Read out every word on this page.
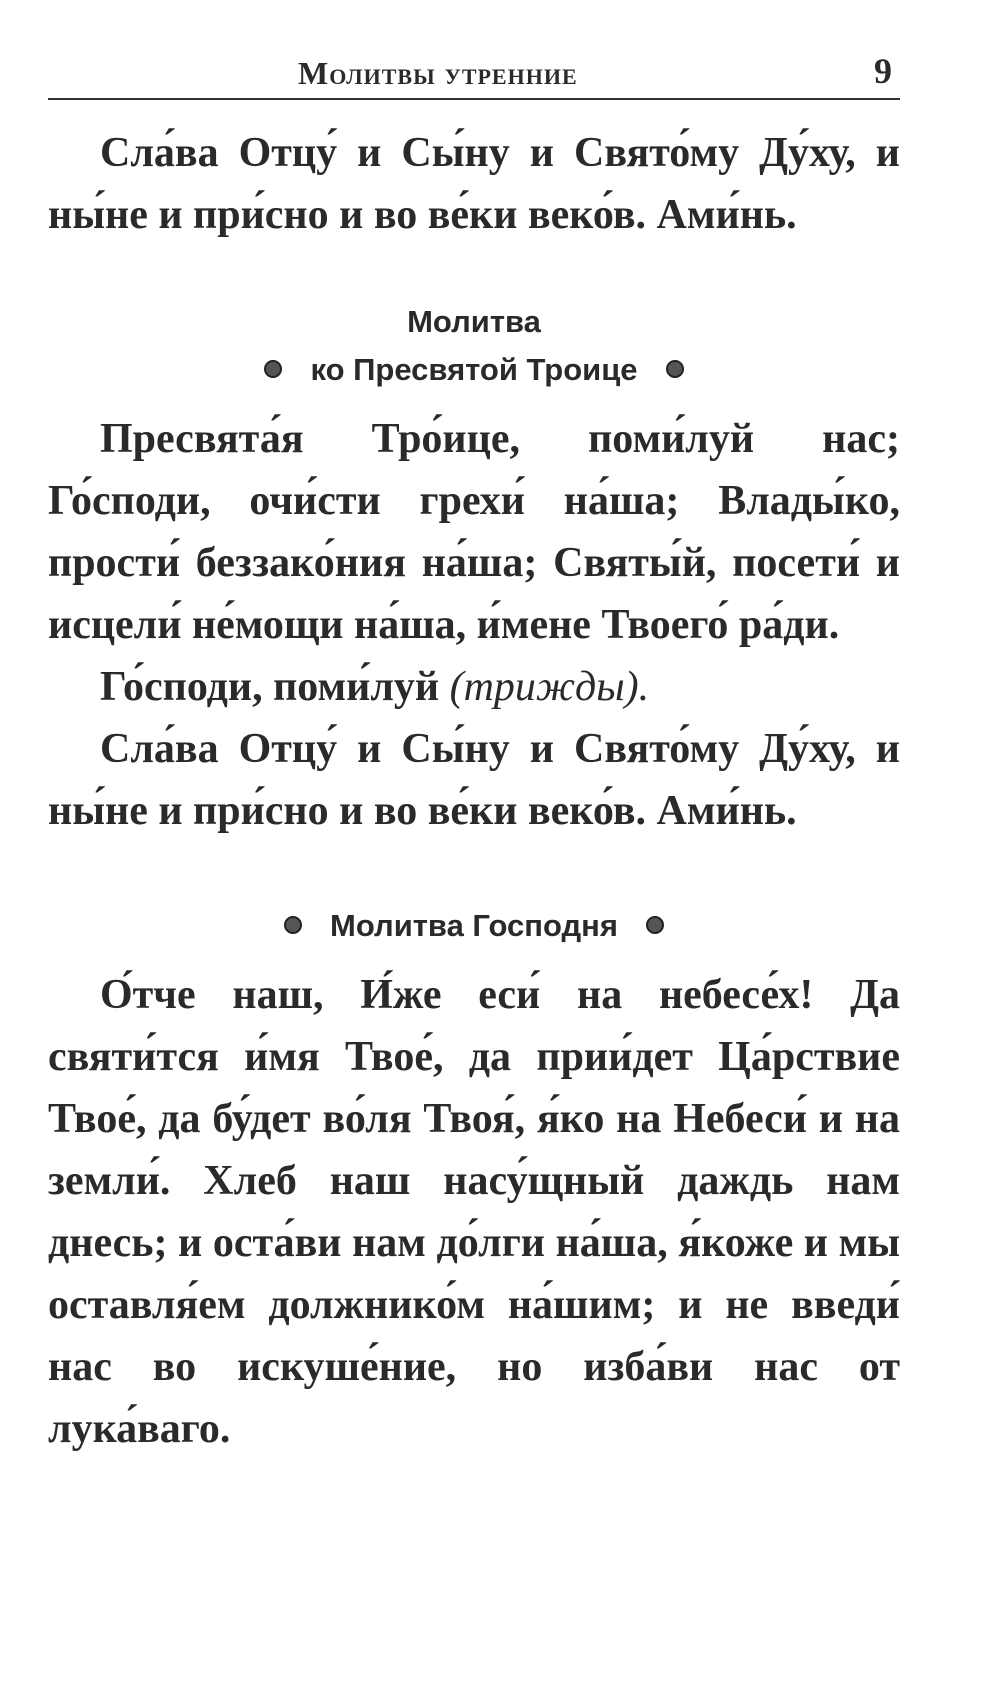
Молитвы утренние	9

Сла́ва Отцу́ и Сы́ну и Свято́му Ду́ху, и ны́не и при́сно и во ве́ки веко́в. Ами́нь.

Молитва

ко Пресвятой Троице

Пресвята́я Тро́ице, поми́луй нас; Го́споди, очи́сти грехи́ на́ша; Влады́ко, прости́ беззако́ния на́ша; Святы́й, посети́ и исцели́ не́мощи на́ша, и́мене Твоего́ ра́ди.

Го́споди, поми́луй (трижды).

Сла́ва Отцу́ и Сы́ну и Свято́му Ду́ху, и ны́не и при́сно и во ве́ки веко́в. Ами́нь.

Молитва Господня

О́тче наш, И́же еси́ на небесе́х! Да святи́тся и́мя Твое́, да прии́дет Ца́рствие Твое́, да бу́дет во́ля Твоя́, я́ко на Небеси́ и на земли́. Хлеб наш насу́щный даждь нам днесь; и оста́ви нам до́лги на́ша, я́коже и мы оставля́ем должнико́м на́шим; и не введи́ нас во искуше́ние, но изба́ви нас от лука́ваго.
